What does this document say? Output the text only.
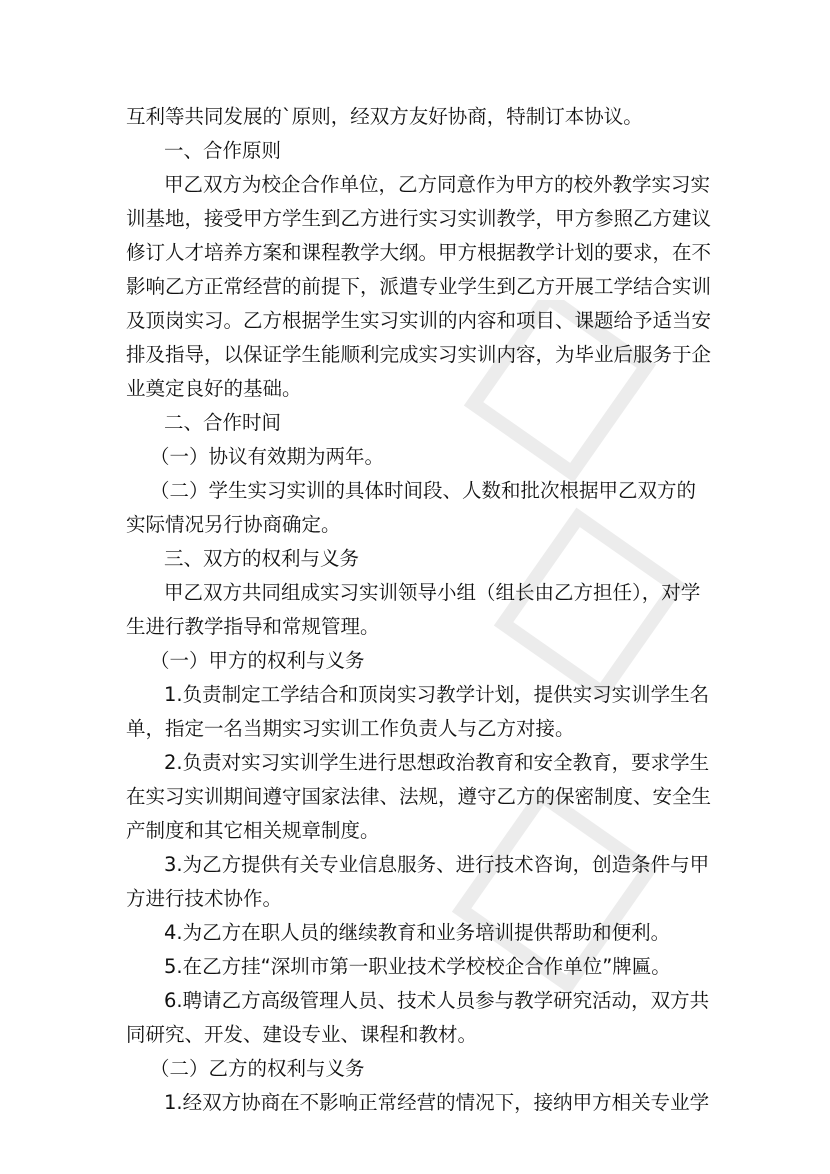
互利等共同发展的`原则，经双方友好协商，特制订本协议。
一、合作原则
甲乙双方为校企合作单位，乙方同意作为甲方的校外教学实习实
训基地，接受甲方学生到乙方进行实习实训教学，甲方参照乙方建议
修订人才培养方案和课程教学大纲。甲方根据教学计划的要求，在不
影响乙方正常经营的前提下，派遣专业学生到乙方开展工学结合实训
及顶岗实习。乙方根据学生实习实训的内容和项目、课题给予适当安
排及指导，以保证学生能顺利完成实习实训内容，为毕业后服务于企
业奠定良好的基础。
二、合作时间
（一）协议有效期为两年。
（二）学生实习实训的具体时间段、人数和批次根据甲乙双方的
实际情况另行协商确定。
三、双方的权利与义务
甲乙双方共同组成实习实训领导小组（组长由乙方担任），对学
生进行教学指导和常规管理。
（一）甲方的权利与义务
1.负责制定工学结合和顶岗实习教学计划，提供实习实训学生名
单，指定一名当期实习实训工作负责人与乙方对接。
2.负责对实习实训学生进行思想政治教育和安全教育，要求学生
在实习实训期间遵守国家法律、法规，遵守乙方的保密制度、安全生
产制度和其它相关规章制度。
3.为乙方提供有关专业信息服务、进行技术咨询，创造条件与甲
方进行技术协作。
4.为乙方在职人员的继续教育和业务培训提供帮助和便利。
5.在乙方挂“深圳市第一职业技术学校校企合作单位”牌匾。
6.聘请乙方高级管理人员、技术人员参与教学研究活动，双方共
同研究、开发、建设专业、课程和教材。
（二）乙方的权利与义务
1.经双方协商在不影响正常经营的情况下，接纳甲方相关专业学
